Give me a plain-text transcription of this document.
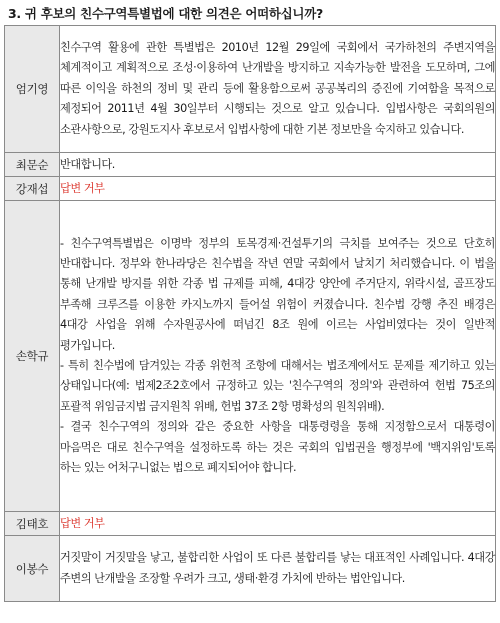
3. 귀 후보의 친수구역특별법에 대한 의견은 어떠하십니까?
엄기영	친수구역 활용에 관한 특별법은 2010년 12월 29일에 국회에서 국가하천의 주변지역을 체계적이고 계획적으로 조성·이용하여 난개발을 방지하고 지속가능한 발전을 도모하며, 그에 따른 이익을 하천의 정비 및 관리 등에 활용함으로써 공공복리의 증진에 기여함을 목적으로 제정되어 2011년 4월 30일부터 시행되는 것으로 알고 있습니다. 입법사항은 국회의원의 소관사항으로, 강원도지사 후보로서 입법사항에 대한 기본 정보만을 숙지하고 있습니다.

최문순	반대합니다.

강재섭	답변 거부

손학규	- 친수구역특별법은 이명박 정부의 토목경제·건설투기의 극치를 보여주는 것으로 단호히 반대합니다. 정부와 한나라당은 친수법을 작년 연말 국회에서 날치기 처리했습니다. 이 법을 통해 난개발 방지를 위한 각종 법 규제를 피해, 4대강 양안에 주거단지, 위락시설, 골프장도 부족해 크루즈를 이용한 카지노까지 들어설 위험이 커졌습니다. 친수법 강행 추진 배경은 4대강 사업을 위해 수자원공사에 떠넘긴 8조 원에 이르는 사업비였다는 것이 일반적 평가입니다.
- 특히 친수법에 담겨있는 각종 위헌적 조항에 대해서는 법조계에서도 문제를 제기하고 있는 상태입니다(예: 법제2조2호에서 규정하고 있는 '친수구역의 정의'와 관련하여 헌법 75조의 포괄적 위임금지법 금지원칙 위배, 헌법 37조 2항 명확성의 원칙위배).
- 결국 친수구역의 정의와 같은 중요한 사항을 대통령령을 통해 지정함으로서 대통령이 마음먹은 대로 친수구역을 설정하도록 하는 것은 국회의 입법권을 행정부에 '백지위임'토록 하는 있는 어처구니없는 법으로 폐지되어야 합니다.

김태호	답변 거부

이봉수	거짓말이 거짓말을 낳고, 불합리한 사업이 또 다른 불합리를 낳는 대표적인 사례입니다. 4대강 주변의 난개발을 조장할 우려가 크고, 생태·환경 가치에 반하는 법안입니다.
